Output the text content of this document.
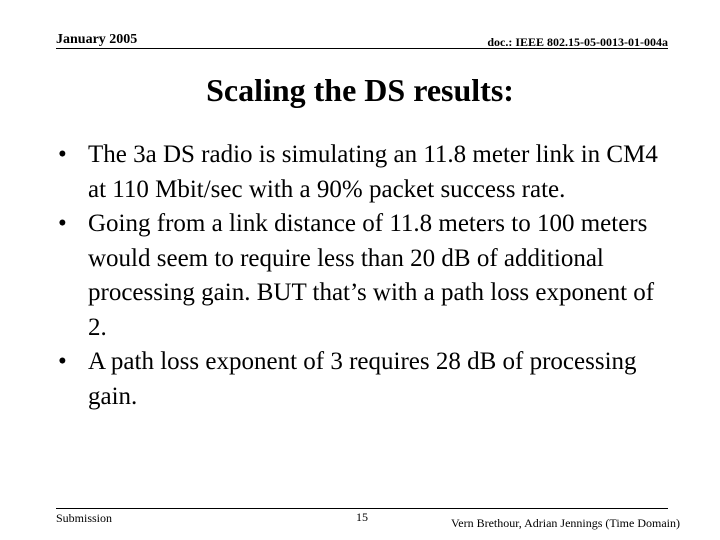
January 2005	doc.: IEEE 802.15-05-0013-01-004a
Scaling the DS results:
• The 3a DS radio is simulating an 11.8 meter link in CM4 at 110 Mbit/sec with a 90% packet success rate.
• Going from a link distance of 11.8 meters to 100 meters would seem to require less than 20 dB of additional processing gain. BUT that’s with a path loss exponent of 2.
• A path loss exponent of 3 requires 28 dB of processing gain.
Submission	15	Vern Brethour, Adrian Jennings (Time Domain)
